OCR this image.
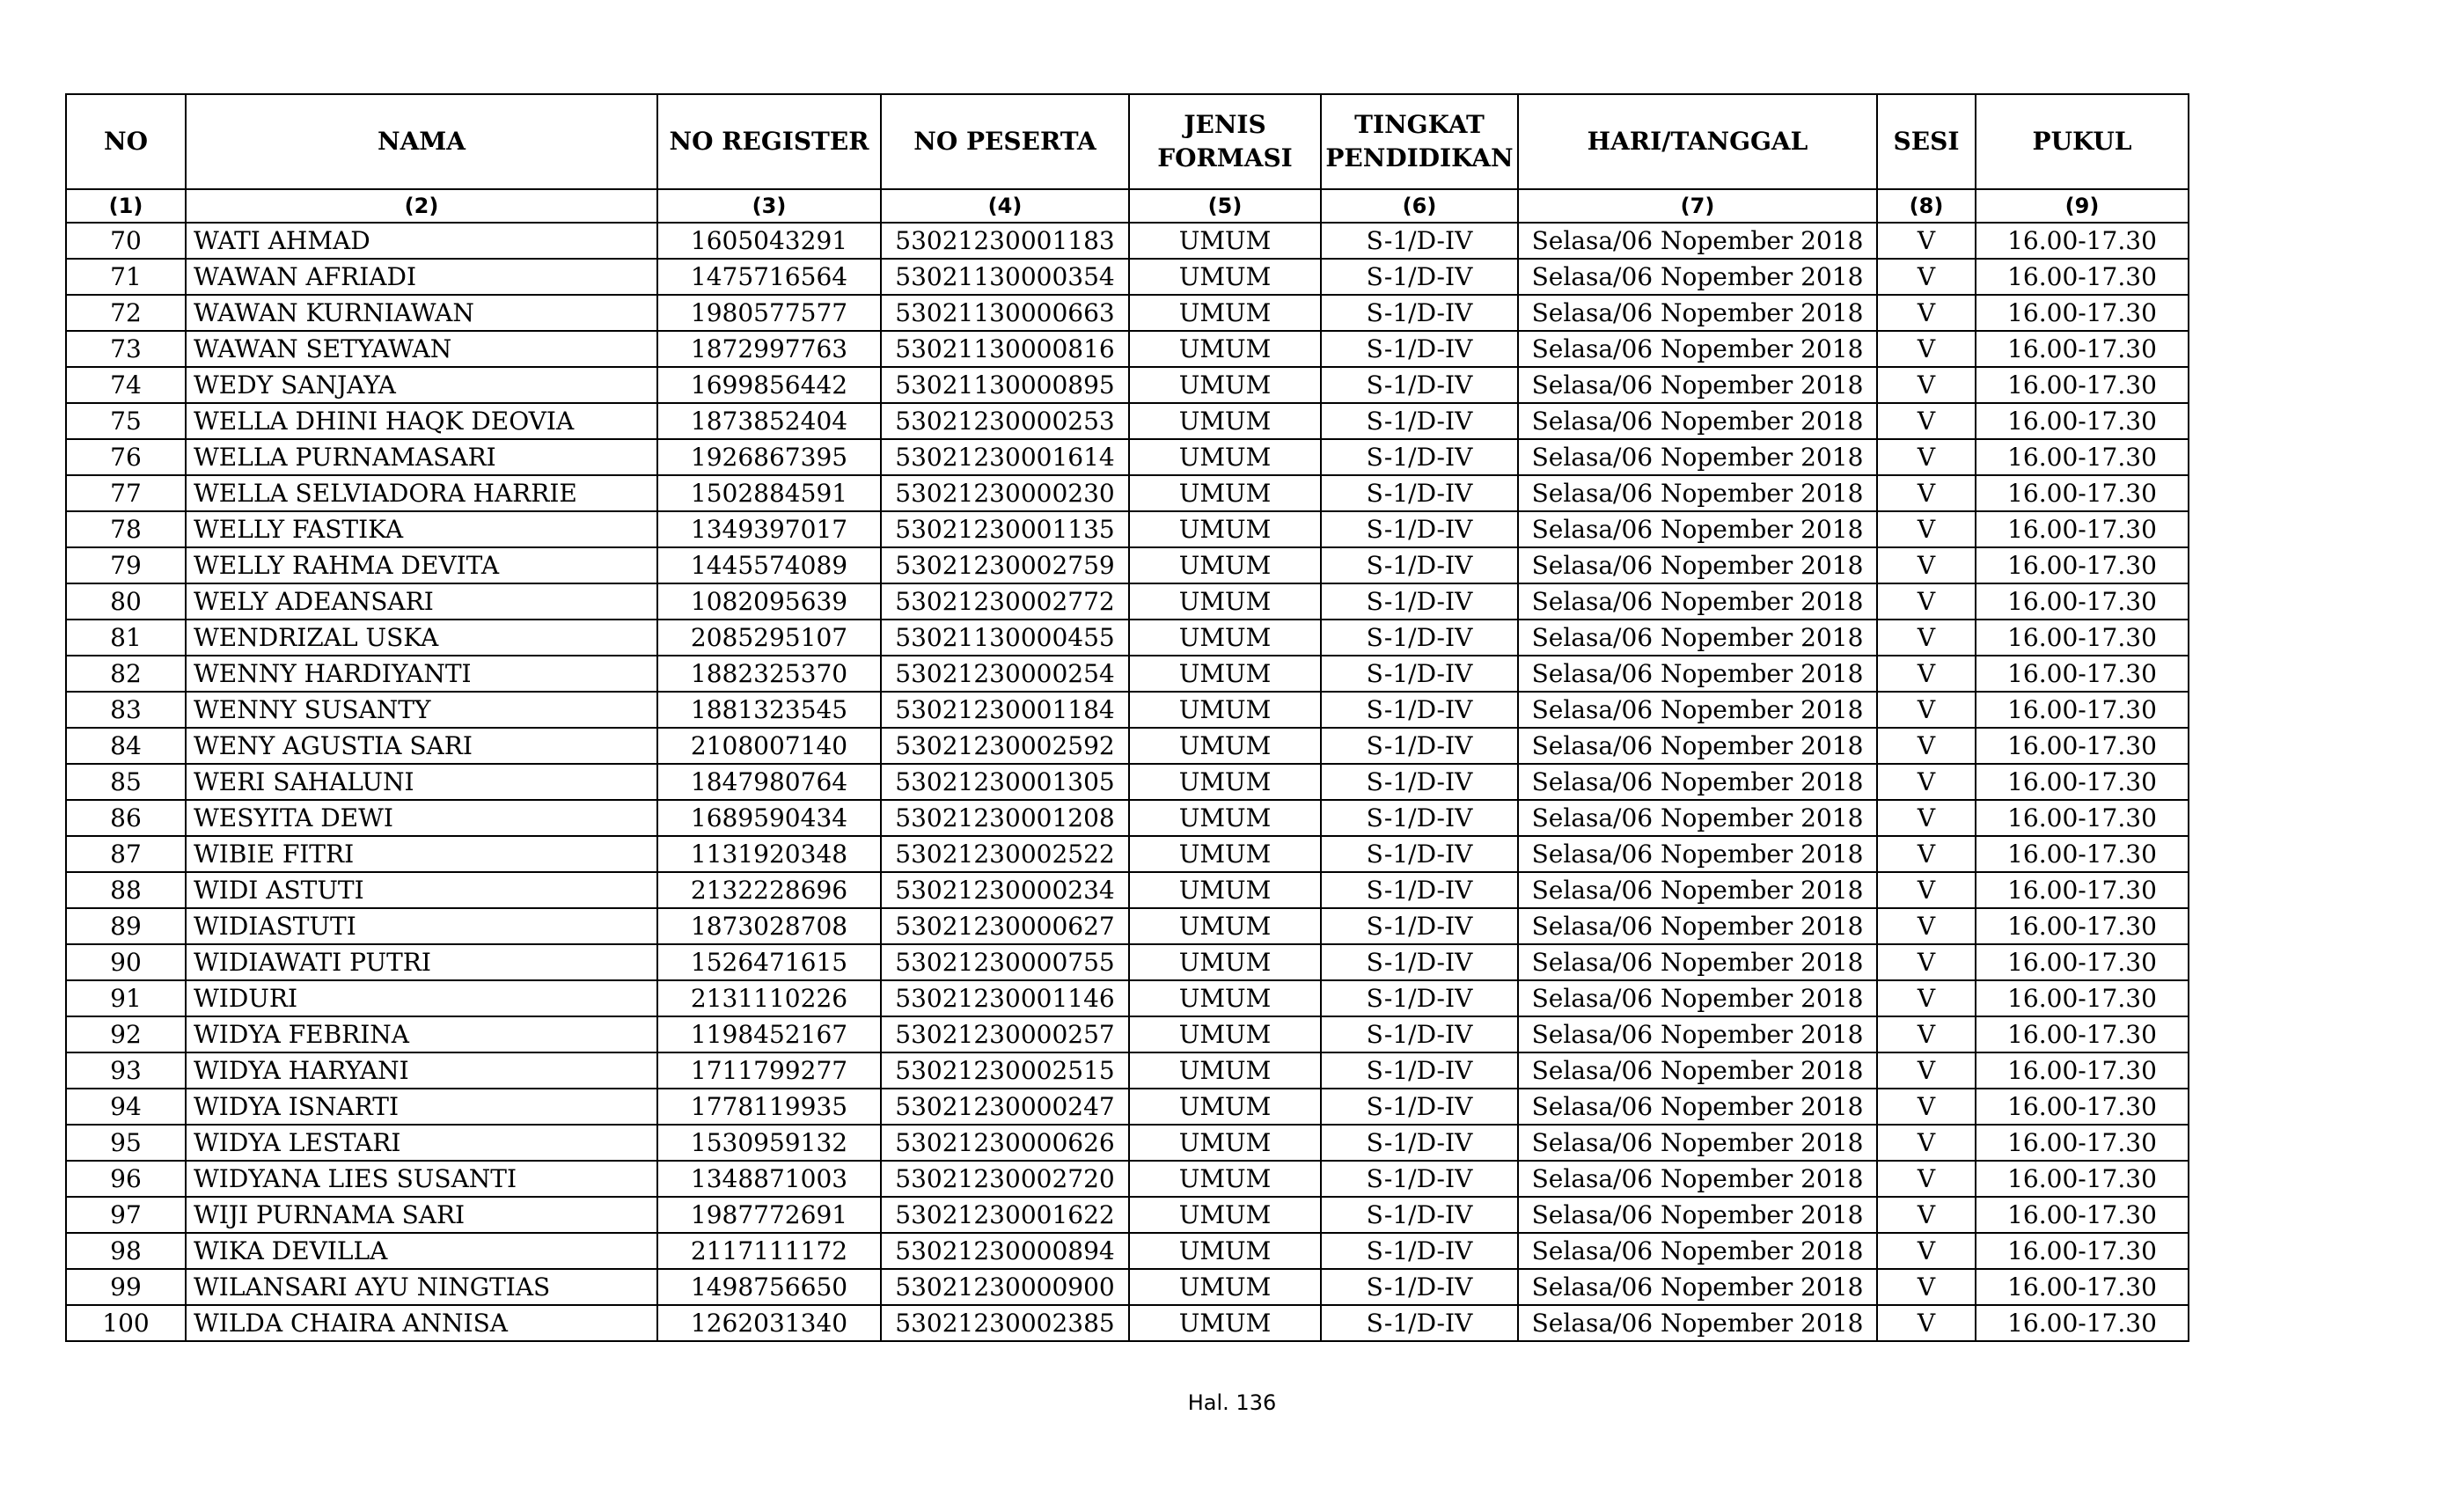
NO	NAMA	NO REGISTER	NO PESERTA	JENIS FORMASI	TINGKAT PENDIDIKAN	HARI/TANGGAL	SESI	PUKUL
(1)	(2)	(3)	(4)	(5)	(6)	(7)	(8)	(9)
70	WATI AHMAD	1605043291	53021230001183	UMUM	S-1/D-IV	Selasa/06 Nopember 2018	V	16.00-17.30
71	WAWAN AFRIADI	1475716564	53021130000354	UMUM	S-1/D-IV	Selasa/06 Nopember 2018	V	16.00-17.30
72	WAWAN KURNIAWAN	1980577577	53021130000663	UMUM	S-1/D-IV	Selasa/06 Nopember 2018	V	16.00-17.30
73	WAWAN SETYAWAN	1872997763	53021130000816	UMUM	S-1/D-IV	Selasa/06 Nopember 2018	V	16.00-17.30
74	WEDY SANJAYA	1699856442	53021130000895	UMUM	S-1/D-IV	Selasa/06 Nopember 2018	V	16.00-17.30
75	WELLA DHINI HAQK DEOVIA	1873852404	53021230000253	UMUM	S-1/D-IV	Selasa/06 Nopember 2018	V	16.00-17.30
76	WELLA PURNAMASARI	1926867395	53021230001614	UMUM	S-1/D-IV	Selasa/06 Nopember 2018	V	16.00-17.30
77	WELLA SELVIADORA HARRIE	1502884591	53021230000230	UMUM	S-1/D-IV	Selasa/06 Nopember 2018	V	16.00-17.30
78	WELLY FASTIKA	1349397017	53021230001135	UMUM	S-1/D-IV	Selasa/06 Nopember 2018	V	16.00-17.30
79	WELLY RAHMA DEVITA	1445574089	53021230002759	UMUM	S-1/D-IV	Selasa/06 Nopember 2018	V	16.00-17.30
80	WELY ADEANSARI	1082095639	53021230002772	UMUM	S-1/D-IV	Selasa/06 Nopember 2018	V	16.00-17.30
81	WENDRIZAL USKA	2085295107	53021130000455	UMUM	S-1/D-IV	Selasa/06 Nopember 2018	V	16.00-17.30
82	WENNY HARDIYANTI	1882325370	53021230000254	UMUM	S-1/D-IV	Selasa/06 Nopember 2018	V	16.00-17.30
83	WENNY SUSANTY	1881323545	53021230001184	UMUM	S-1/D-IV	Selasa/06 Nopember 2018	V	16.00-17.30
84	WENY AGUSTIA SARI	2108007140	53021230002592	UMUM	S-1/D-IV	Selasa/06 Nopember 2018	V	16.00-17.30
85	WERI SAHALUNI	1847980764	53021230001305	UMUM	S-1/D-IV	Selasa/06 Nopember 2018	V	16.00-17.30
86	WESYITA DEWI	1689590434	53021230001208	UMUM	S-1/D-IV	Selasa/06 Nopember 2018	V	16.00-17.30
87	WIBIE FITRI	1131920348	53021230002522	UMUM	S-1/D-IV	Selasa/06 Nopember 2018	V	16.00-17.30
88	WIDI ASTUTI	2132228696	53021230000234	UMUM	S-1/D-IV	Selasa/06 Nopember 2018	V	16.00-17.30
89	WIDIASTUTI	1873028708	53021230000627	UMUM	S-1/D-IV	Selasa/06 Nopember 2018	V	16.00-17.30
90	WIDIAWATI PUTRI	1526471615	53021230000755	UMUM	S-1/D-IV	Selasa/06 Nopember 2018	V	16.00-17.30
91	WIDURI	2131110226	53021230001146	UMUM	S-1/D-IV	Selasa/06 Nopember 2018	V	16.00-17.30
92	WIDYA FEBRINA	1198452167	53021230000257	UMUM	S-1/D-IV	Selasa/06 Nopember 2018	V	16.00-17.30
93	WIDYA HARYANI	1711799277	53021230002515	UMUM	S-1/D-IV	Selasa/06 Nopember 2018	V	16.00-17.30
94	WIDYA ISNARTI	1778119935	53021230000247	UMUM	S-1/D-IV	Selasa/06 Nopember 2018	V	16.00-17.30
95	WIDYA LESTARI	1530959132	53021230000626	UMUM	S-1/D-IV	Selasa/06 Nopember 2018	V	16.00-17.30
96	WIDYANA LIES SUSANTI	1348871003	53021230002720	UMUM	S-1/D-IV	Selasa/06 Nopember 2018	V	16.00-17.30
97	WIJI PURNAMA SARI	1987772691	53021230001622	UMUM	S-1/D-IV	Selasa/06 Nopember 2018	V	16.00-17.30
98	WIKA DEVILLA	2117111172	53021230000894	UMUM	S-1/D-IV	Selasa/06 Nopember 2018	V	16.00-17.30
99	WILANSARI AYU NINGTIAS	1498756650	53021230000900	UMUM	S-1/D-IV	Selasa/06 Nopember 2018	V	16.00-17.30
100	WILDA CHAIRA ANNISA	1262031340	53021230002385	UMUM	S-1/D-IV	Selasa/06 Nopember 2018	V	16.00-17.30
Hal. 136
